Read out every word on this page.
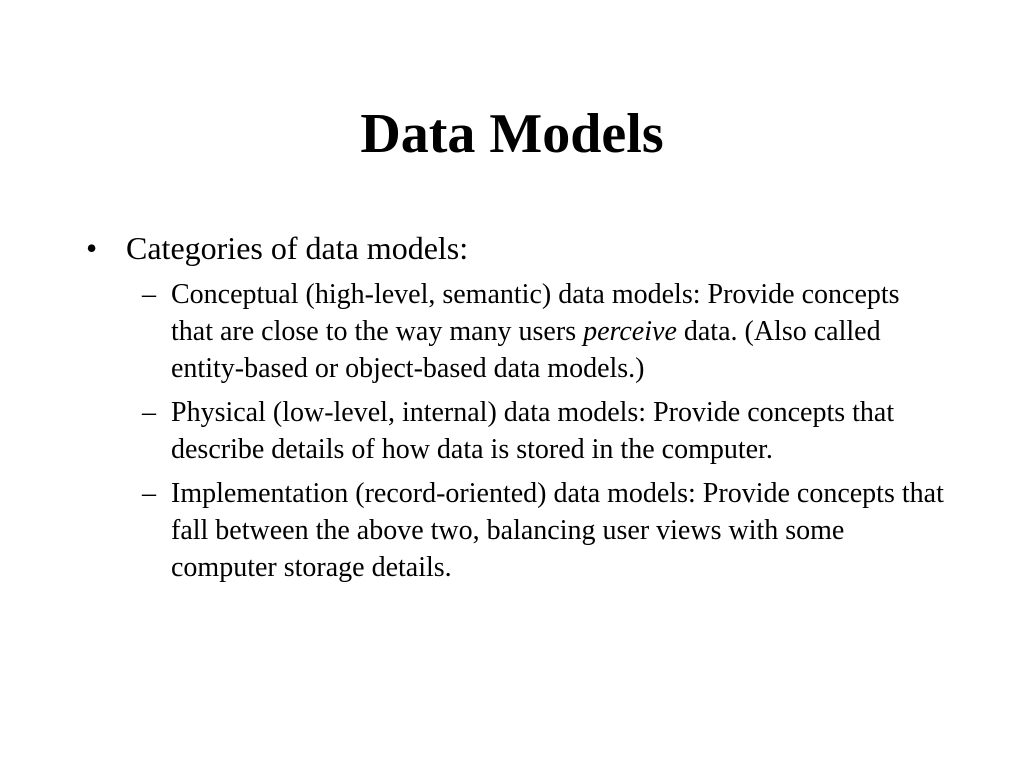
Data Models
• Categories of data models:
– Conceptual (high-level, semantic) data models: Provide concepts that are close to the way many users perceive data. (Also called entity-based or object-based data models.)
– Physical (low-level, internal) data models: Provide concepts that describe details of how data is stored in the computer.
– Implementation (record-oriented) data models: Provide concepts that fall between the above two, balancing user views with some computer storage details.
